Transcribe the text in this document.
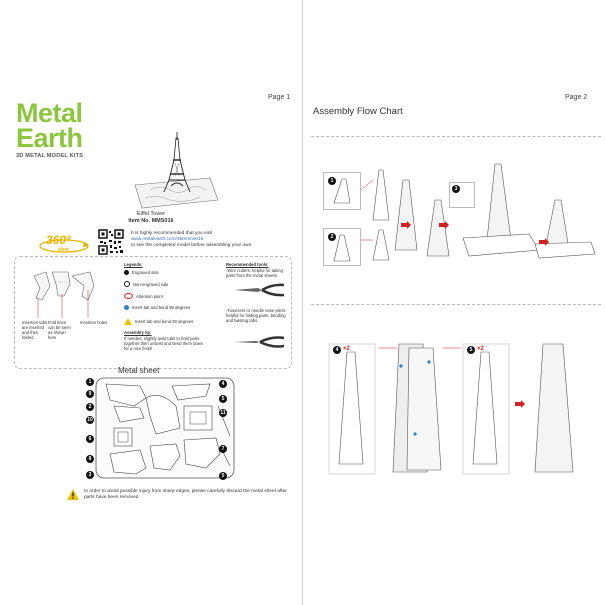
Page 1
Metal
Earth
3D METAL MODEL KITS
Eiffel Tower
Item No. MMS016
360°
view
It is highly recommended that you visit
www.metalearth.com/360mms016
to see the completed model before assembling your own
Insertion tabs are inserted and then folded
Fold lines can be seen as shown here
Insertion holes
Legends:
Engraved side
Non-engraved side
Attention point
Insert tab and bend 90 degrees
Insert tab and bend 90 degrees
Assembly tip:
If needed, slightly twist tabs to hold parts together then untwist and bend them down for a nice finish
Recommended tools:
-Wire cutters: helpful for taking parts from the metal sheets.
-Tweezers or needle nose pliers: helpful for folding parts, bending and twisting tabs.
Metal sheet
1
9
2
10
6
8
3
4
5
11
7
5
In order to avoid possible injury from sharp edges, please carefully discard the metal sheet after parts have been removed
Page 2
Assembly Flow Chart
1
2
3
4 ×2	5 ×2
